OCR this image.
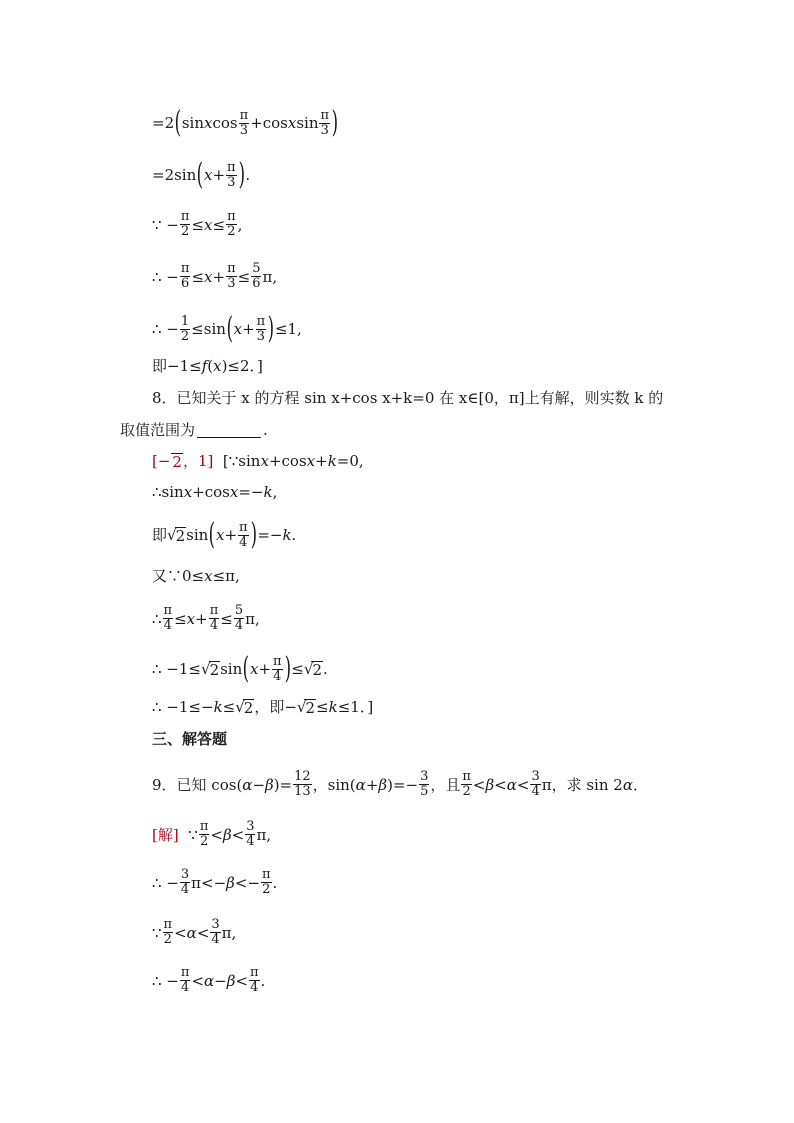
=2 ( sin x $\cos \frac{\pi}{3} +\cos$ x $\sin \frac{\pi}{3}$ )
=2sin ( $x + \frac{\pi}{3}$ ) .
∵ − $\frac{\pi}{2} \le x \le \frac{\pi}{2}$ ,
∴ − $\frac{\pi}{6} \le x + \frac{\pi}{3} \le \frac{5}{6} \pi$,
∴ − $\frac{1}{2} \le\sin$ ( $x + \frac{\pi}{3}$ ) ≤1,
即−1≤ f ( x )≤2．]
8．已知关于 x 的方程 sin x+cos x+k=0 在 x∈[0，π]上有解，则实数 k 的
取值范围为	.
[− 2 ，1] [∵sin x +cos x + k =0,
∴sin x +cos x =− k ,
即 √ 2 sin ( $x + \frac{\pi}{4}$ ) =− k .
又∵0≤ x ≤π,
∴ $\frac{\pi}{4} \le x + \frac{\pi}{4} \le \frac{5}{4} \pi$,
∴ −1≤ √ 2 sin ( $x + \frac{\pi}{4}$ ) ≤ √ 2 .
∴ −1≤− k ≤ √ 2 ，即− √ 2 ≤ k ≤1．]
三、解答题
9．已知 cos( α − β )= $\frac{12}{13}$ ，sin( α + β )=− $\frac{3}{5}$ ，且 $\frac{\pi}{2} < \beta < \alpha < \frac{3}{4}$ π，求 sin 2 α ．
[解] ∵ $\frac{\pi}{2} < \beta < \frac{3}{4} \pi$,
∴ − $\frac{3}{4} \pi<- \beta <- \frac{\pi}{2}$ .
∵ $\frac{\pi}{2} < \alpha < \frac{3}{4} \pi$,
∴ − $\frac{\pi}{4} < \alpha - \beta < \frac{\pi}{4}$ .
